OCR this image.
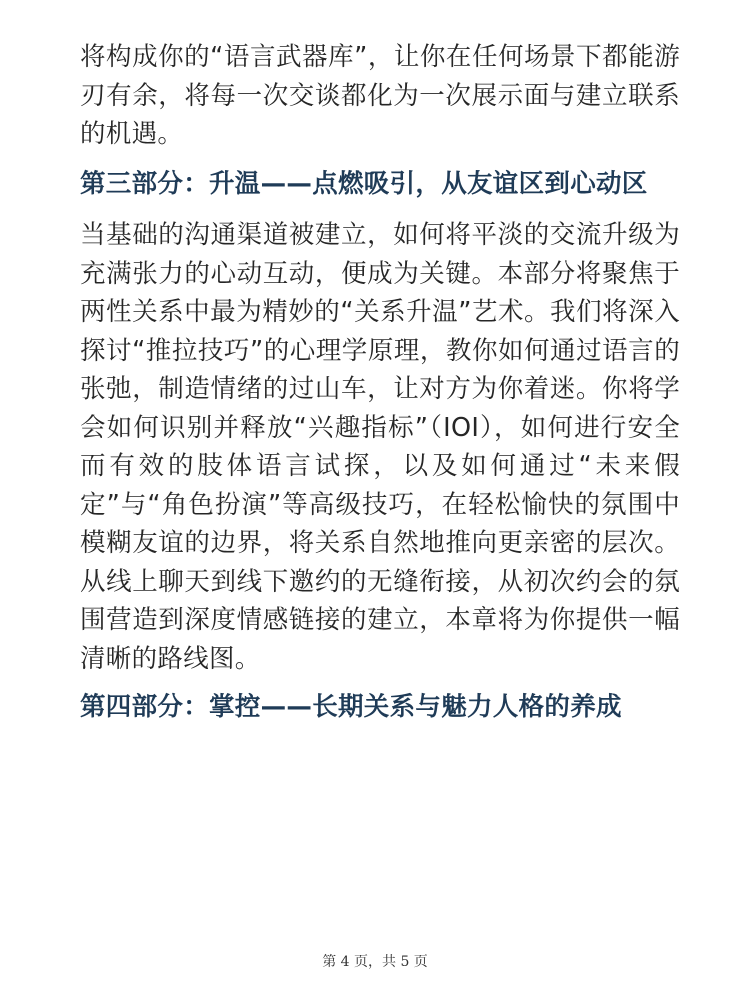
将构成你的“语言武器库”，让你在任何场景下都能游刃有余，将每一次交谈都化为一次展示面与建立联系的机遇。

第三部分：升温——点燃吸引，从友谊区到心动区

当基础的沟通渠道被建立，如何将平淡的交流升级为充满张力的心动互动，便成为关键。本部分将聚焦于两性关系中最为精妙的“关系升温”艺术。我们将深入探讨“推拉技巧”的心理学原理，教你如何通过语言的张弛，制造情绪的过山车，让对方为你着迷。你将学会如何识别并释放“兴趣指标”（IOI），如何进行安全而有效的肢体语言试探，以及如何通过“未来假定”与“角色扮演”等高级技巧，在轻松愉快的氛围中模糊友谊的边界，将关系自然地推向更亲密的层次。从线上聊天到线下邀约的无缝衔接，从初次约会的氛围营造到深度情感链接的建立，本章将为你提供一幅清晰的路线图。

第四部分：掌控——长期关系与魅力人格的养成
第 4 页，共 5 页
